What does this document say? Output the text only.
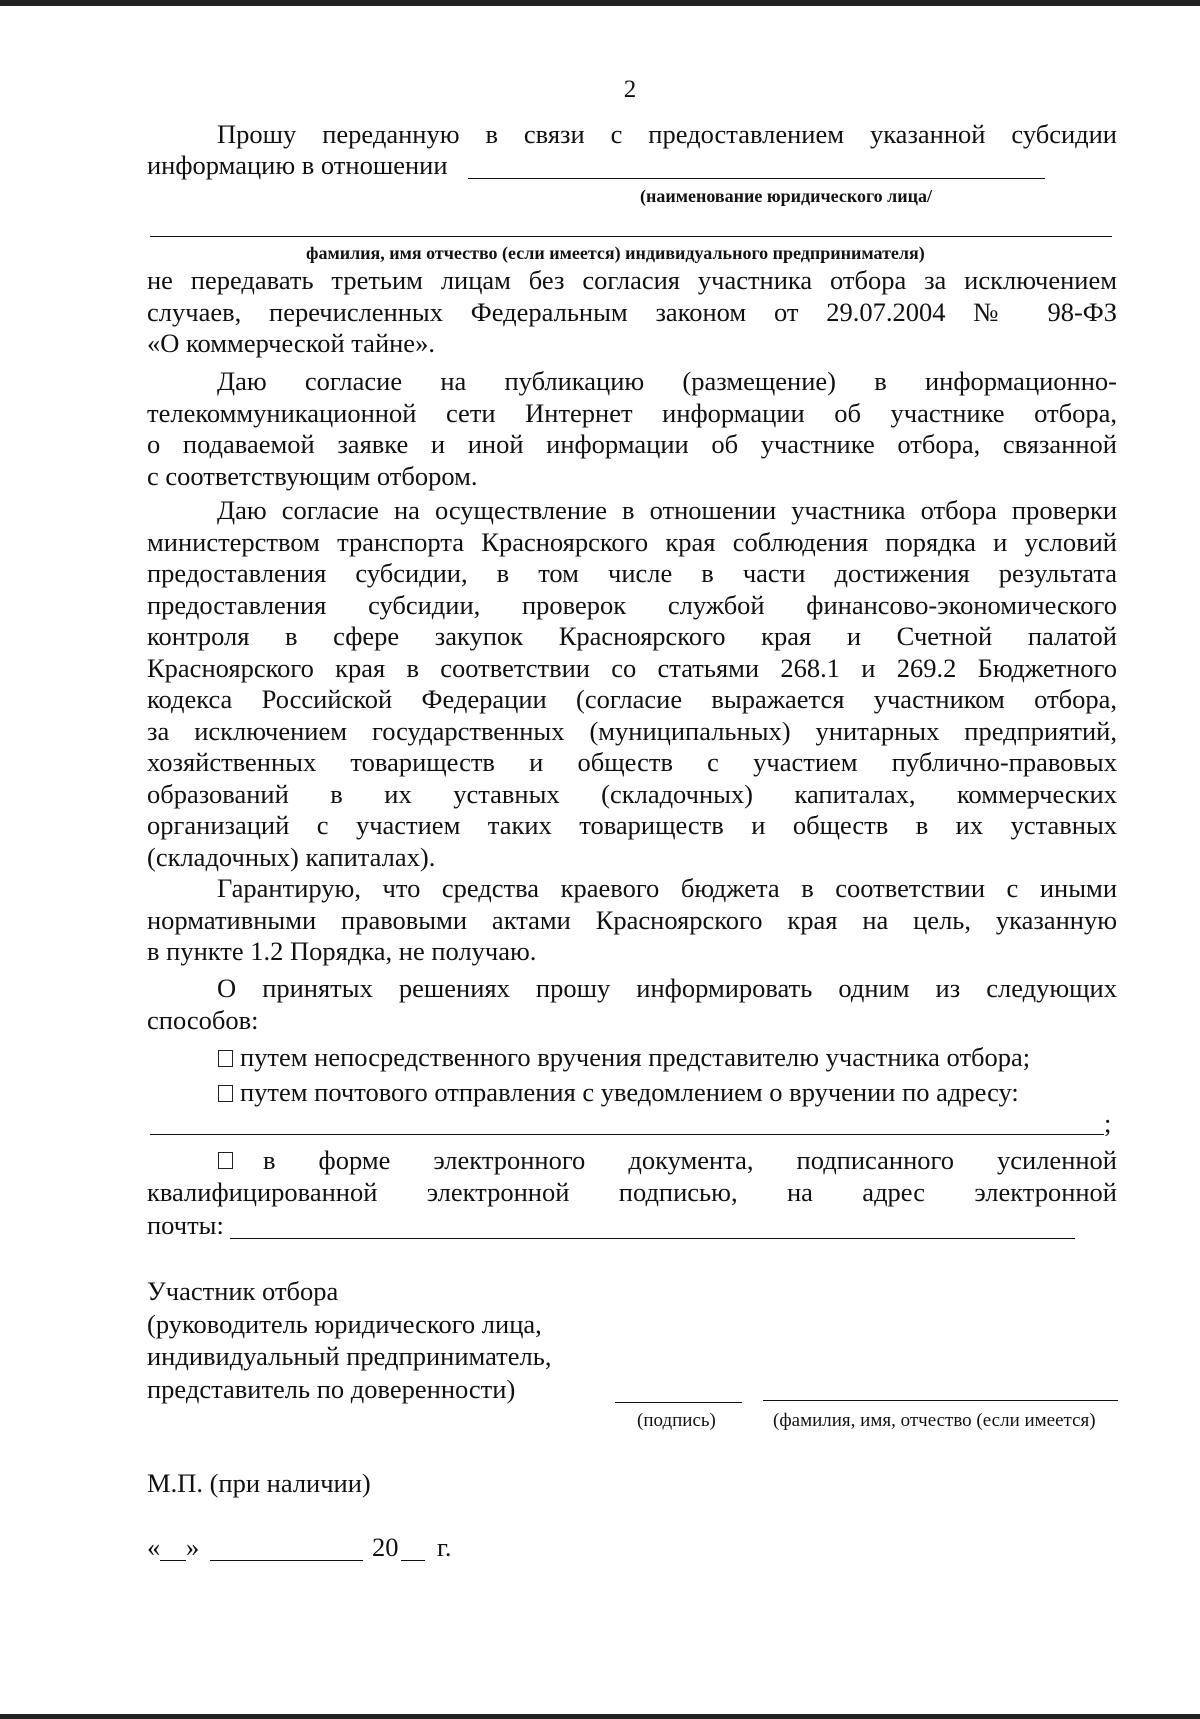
2
Прошу переданную в связи с предоставлением указанной субсидии
информацию в отношении
(наименование юридического лица/
фамилия, имя отчество (если имеется) индивидуального предпринимателя)
не передавать третьим лицам без согласия участника отбора за исключением
случаев, перечисленных Федеральным законом от 29.07.2004 № 98-ФЗ
«О коммерческой тайне».
Даю согласие на публикацию (размещение) в информационно-
телекоммуникационной сети Интернет информации об участнике отбора,
о подаваемой заявке и иной информации об участнике отбора, связанной
с соответствующим отбором.
Даю согласие на осуществление в отношении участника отбора проверки
министерством транспорта Красноярского края соблюдения порядка и условий
предоставления субсидии, в том числе в части достижения результата
предоставления субсидии, проверок службой финансово-экономического
контроля в сфере закупок Красноярского края и Счетной палатой
Красноярского края в соответствии со статьями 268.1 и 269.2 Бюджетного
кодекса Российской Федерации (согласие выражается участником отбора,
за исключением государственных (муниципальных) унитарных предприятий,
хозяйственных товариществ и обществ с участием публично-правовых
образований в их уставных (складочных) капиталах, коммерческих
организаций с участием таких товариществ и обществ в их уставных
(складочных) капиталах).
Гарантирую, что средства краевого бюджета в соответствии с иными
нормативными правовыми актами Красноярского края на цель, указанную
в пункте 1.2 Порядка, не получаю.
О принятых решениях прошу информировать одним из следующих
способов:
путем непосредственного вручения представителю участника отбора;
путем почтового отправления с уведомлением о вручении по адресу:
;
в форме электронного документа, подписанного усиленной
квалифицированной электронной подписью, на адрес электронной
почты:
Участник отбора
(руководитель юридического лица,
индивидуальный предприниматель,
представитель по доверенности)
(подпись)	(фамилия, имя, отчество (если имеется)
М.П. (при наличии)
« »	20 г.
